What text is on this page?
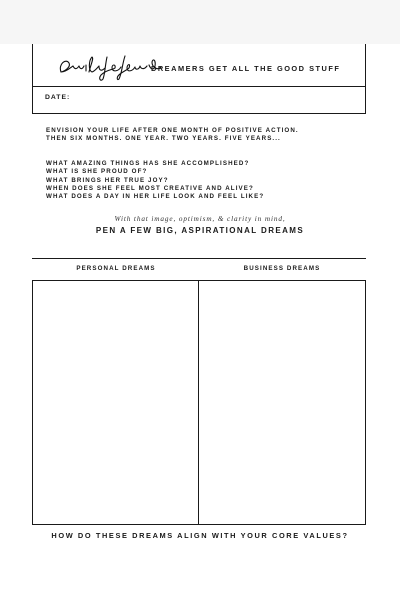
DREAMERS GET ALL THE GOOD STUFF
DATE:
ENVISION YOUR LIFE AFTER ONE MONTH OF POSITIVE ACTION.
THEN SIX MONTHS. ONE YEAR. TWO YEARS. FIVE YEARS...
WHAT AMAZING THINGS HAS SHE ACCOMPLISHED?
WHAT IS SHE PROUD OF?
WHAT BRINGS HER TRUE JOY?
WHEN DOES SHE FEEL MOST CREATIVE AND ALIVE?
WHAT DOES A DAY IN HER LIFE LOOK AND FEEL LIKE?
With that image, optimism, & clarity in mind,
PEN A FEW BIG, ASPIRATIONAL DREAMS
PERSONAL DREAMS	BUSINESS DREAMS
HOW DO THESE DREAMS ALIGN WITH YOUR CORE VALUES?
